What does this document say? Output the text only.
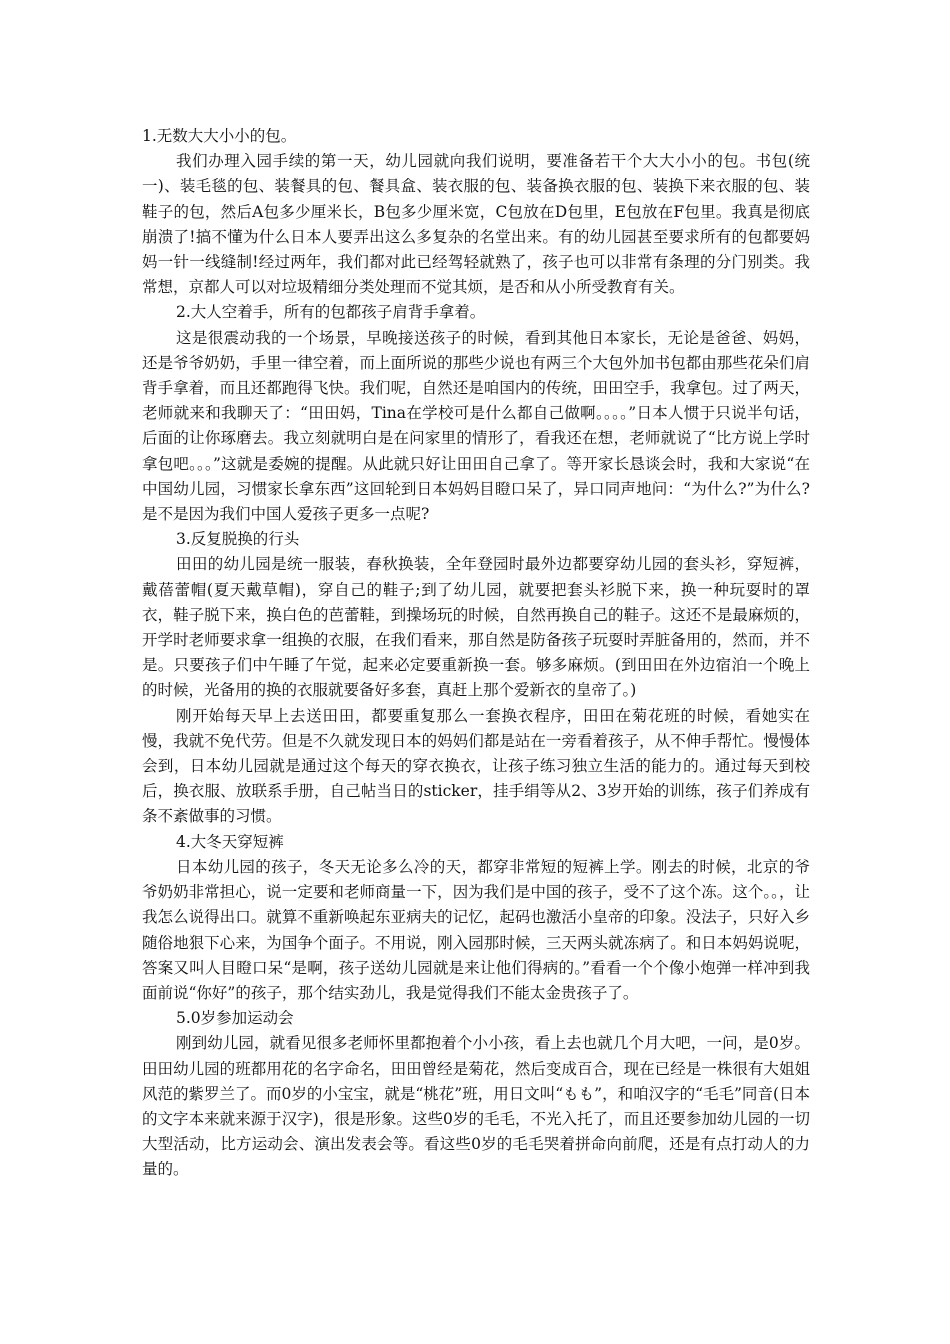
1.无数大大小小的包。

我们办理入园手续的第一天，幼儿园就向我们说明，要准备若干个大大小小的包。书包(统一)、装毛毯的包、装餐具的包、餐具盒、装衣服的包、装备换衣服的包、装换下来衣服的包、装鞋子的包，然后A包多少厘米长，B包多少厘米宽，C包放在D包里，E包放在F包里。我真是彻底崩溃了!搞不懂为什么日本人要弄出这么多复杂的名堂出来。有的幼儿园甚至要求所有的包都要妈妈一针一线缝制!经过两年，我们都对此已经驾轻就熟了，孩子也可以非常有条理的分门别类。我常想，京都人可以对垃圾精细分类处理而不觉其烦，是否和从小所受教育有关。

2.大人空着手，所有的包都孩子肩背手拿着。

这是很震动我的一个场景，早晚接送孩子的时候，看到其他日本家长，无论是爸爸、妈妈，还是爷爷奶奶，手里一律空着，而上面所说的那些少说也有两三个大包外加书包都由那些花朵们肩背手拿着，而且还都跑得飞快。我们呢，自然还是咱国内的传统，田田空手，我拿包。过了两天，老师就来和我聊天了：“田田妈，Tina在学校可是什么都自己做啊。。。。”日本人惯于只说半句话，后面的让你琢磨去。我立刻就明白是在问家里的情形了，看我还在想，老师就说了“比方说上学时拿包吧。。。”这就是委婉的提醒。从此就只好让田田自己拿了。等开家长恳谈会时，我和大家说“在中国幼儿园，习惯家长拿东西”这回轮到日本妈妈目瞪口呆了，异口同声地问：“为什么?”为什么?是不是因为我们中国人爱孩子更多一点呢?

3.反复脱换的行头

田田的幼儿园是统一服装，春秋换装，全年登园时最外边都要穿幼儿园的套头衫，穿短裤，戴蓓蕾帽(夏天戴草帽)，穿自己的鞋子;到了幼儿园，就要把套头衫脱下来，换一种玩耍时的罩衣，鞋子脱下来，换白色的芭蕾鞋，到操场玩的时候，自然再换自己的鞋子。这还不是最麻烦的，开学时老师要求拿一组换的衣服，在我们看来，那自然是防备孩子玩耍时弄脏备用的，然而，并不是。只要孩子们中午睡了午觉，起来必定要重新换一套。够多麻烦。(到田田在外边宿泊一个晚上的时候，光备用的换的衣服就要备好多套，真赶上那个爱新衣的皇帝了。)

刚开始每天早上去送田田，都要重复那么一套换衣程序，田田在菊花班的时候，看她实在慢，我就不免代劳。但是不久就发现日本的妈妈们都是站在一旁看着孩子，从不伸手帮忙。慢慢体会到，日本幼儿园就是通过这个每天的穿衣换衣，让孩子练习独立生活的能力的。通过每天到校后，换衣服、放联系手册，自己帖当日的sticker，挂手绢等从2、3岁开始的训练，孩子们养成有条不紊做事的习惯。

4.大冬天穿短裤

日本幼儿园的孩子，冬天无论多么冷的天，都穿非常短的短裤上学。刚去的时候，北京的爷爷奶奶非常担心，说一定要和老师商量一下，因为我们是中国的孩子，受不了这个冻。这个。。，让我怎么说得出口。就算不重新唤起东亚病夫的记忆，起码也激活小皇帝的印象。没法子，只好入乡随俗地狠下心来，为国争个面子。不用说，刚入园那时候，三天两头就冻病了。和日本妈妈说呢，答案又叫人目瞪口呆“是啊，孩子送幼儿园就是来让他们得病的。”看看一个个像小炮弹一样冲到我面前说“你好”的孩子，那个结实劲儿，我是觉得我们不能太金贵孩子了。

5.0岁参加运动会

刚到幼儿园，就看见很多老师怀里都抱着个小小孩，看上去也就几个月大吧，一问，是0岁。田田幼儿园的班都用花的名字命名，田田曾经是菊花，然后变成百合，现在已经是一株很有大姐姐风范的紫罗兰了。而0岁的小宝宝，就是“桃花”班，用日文叫“もも”，和咱汉字的“毛毛”同音(日本的文字本来就来源于汉字)，很是形象。这些0岁的毛毛，不光入托了，而且还要参加幼儿园的一切大型活动，比方运动会、演出发表会等。看这些0岁的毛毛哭着拼命向前爬，还是有点打动人的力量的。
